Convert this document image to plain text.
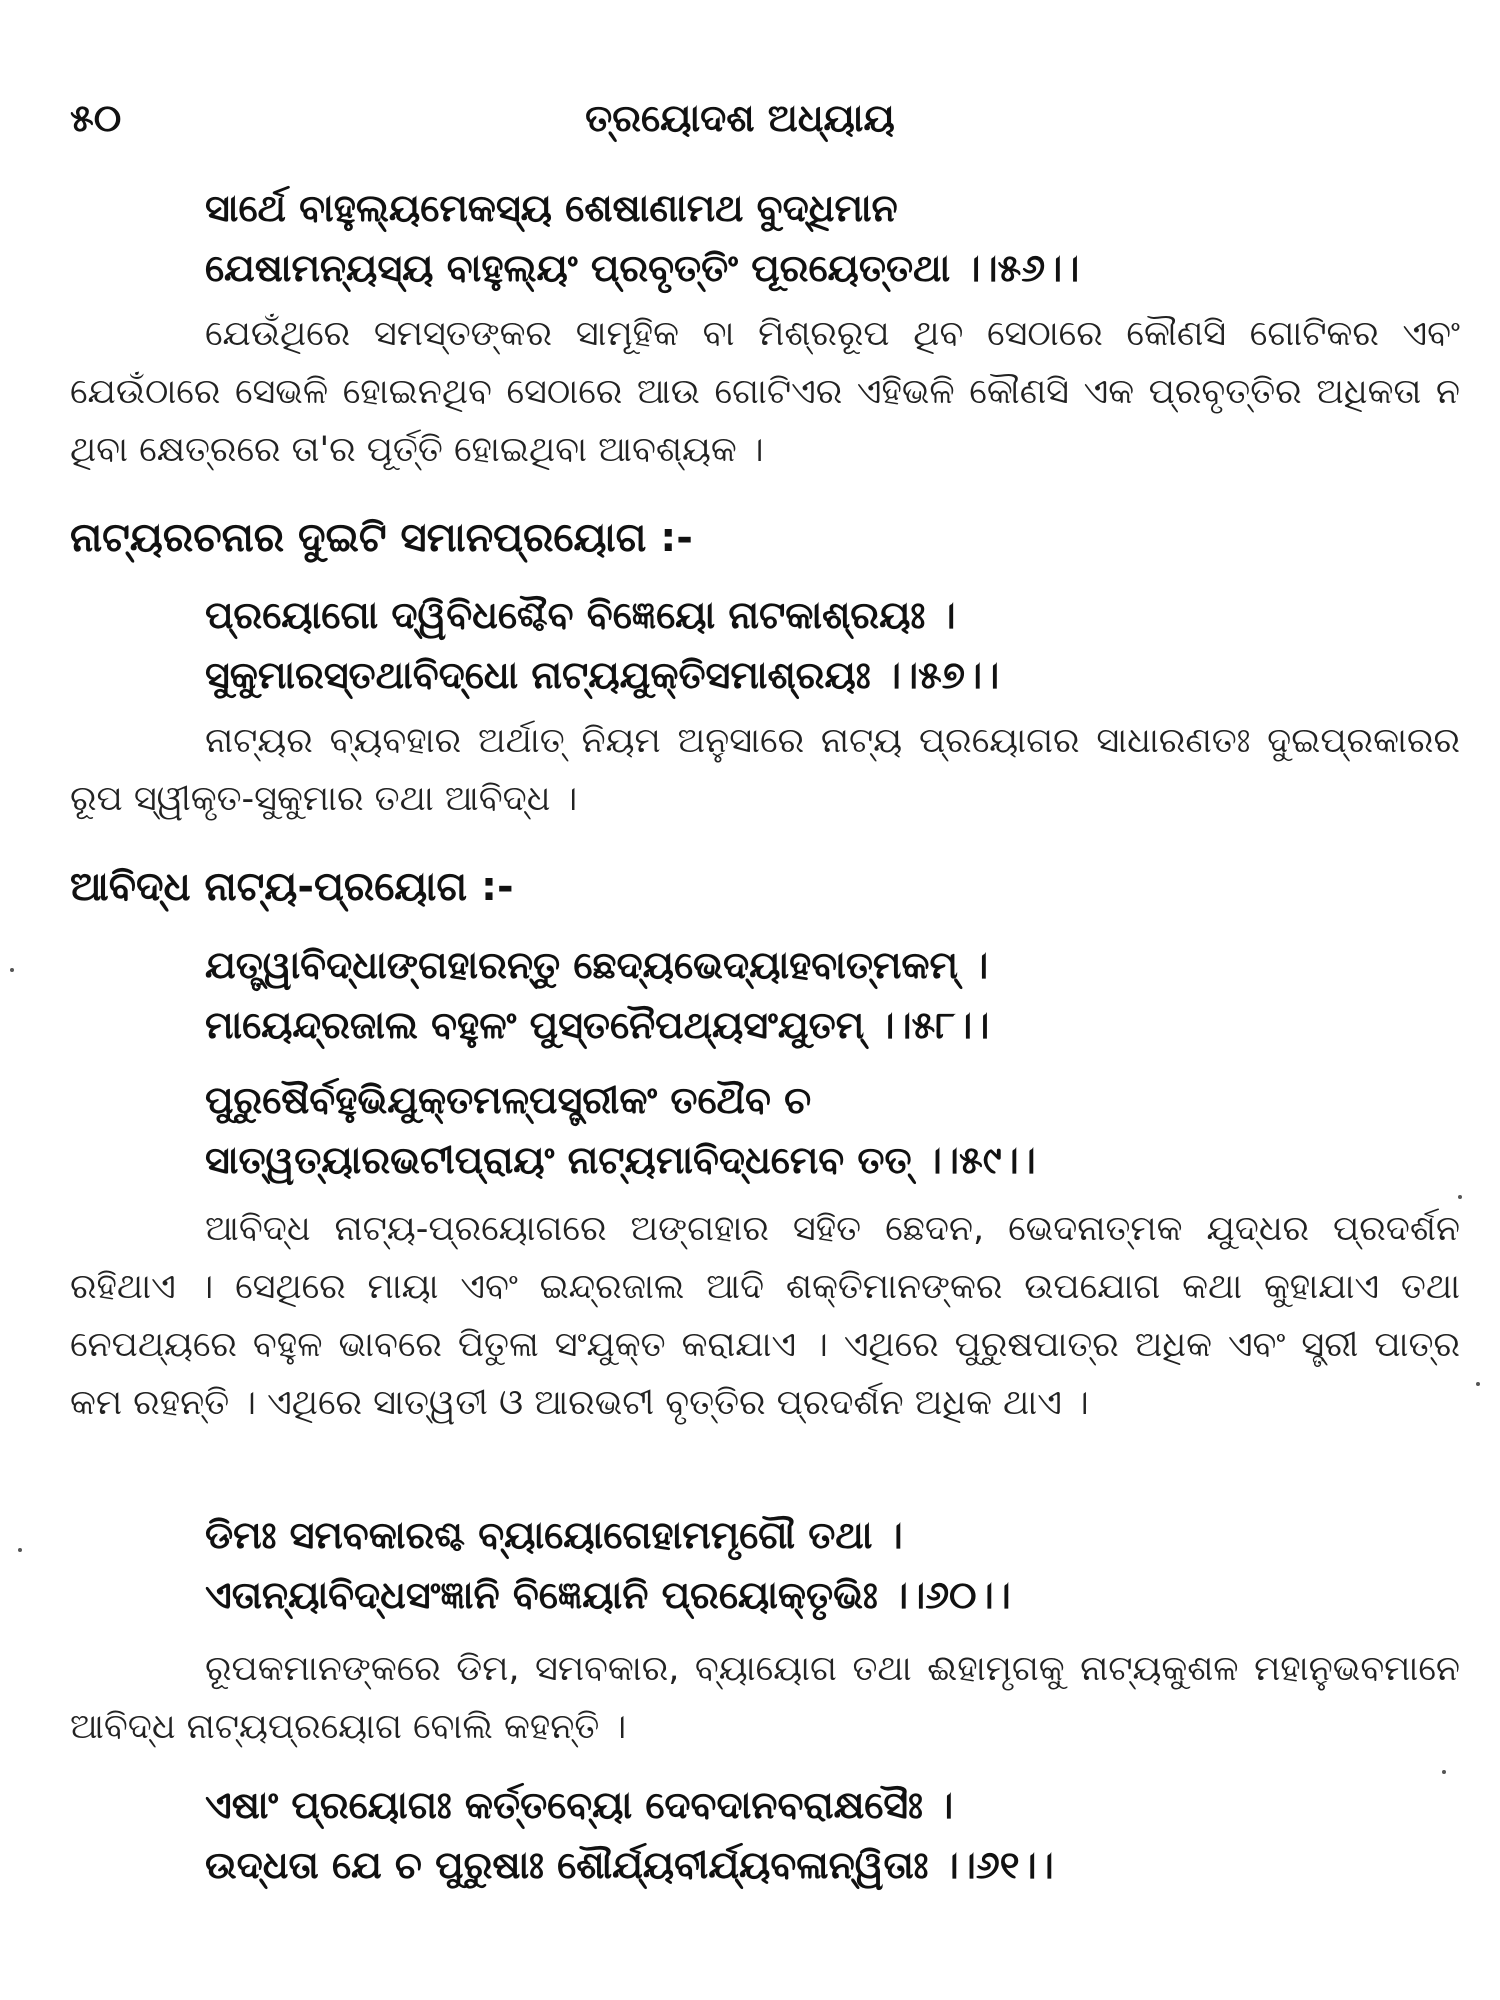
୫୦	ତ୍ରୟୋଦଶ ଅଧ୍ୟାୟ
ସାର୍ଥେ ବାହୁଲ୍ୟମେକସ୍ୟ ଶେଷାଣାମଥ ବୁଦ୍ଧିମାନ
ଯେଷାମନ୍ୟସ୍ୟ ବାହୁଲ୍ୟଂ ପ୍ରବୃତ୍ତିଂ ପୂରୟେତ୍ତଥା ।।୫୬।।
ଯେଉଁଥିରେ ସମସ୍ତଙ୍କର ସାମୂହିକ ବା ମିଶ୍ରରୂପ ଥିବ ସେଠାରେ କୌଣସି ଗୋଟିକର ଏବଂ ଯେଉଁଠାରେ ସେଭଳି ହୋଇନଥିବ ସେଠାରେ ଆଉ ଗୋଟିଏର ଏହିଭଳି କୌଣସି ଏକ ପ୍ରବୃତ୍ତିର ଅଧିକତା ନ ଥିବା କ୍ଷେତ୍ରରେ ତା'ର ପୂର୍ତ୍ତି ହୋଇଥିବା ଆବଶ୍ୟକ ।
ନାଟ୍ୟରଚନାର ଦୁଇଟି ସମାନପ୍ରୟୋଗ :-
ପ୍ରୟୋଗୋ ଦ୍ୱିବିଧଶ୍ଚୈବ ବିଜ୍ଞେୟୋ ନାଟକାଶ୍ରୟଃ ।
ସୁକୁମାରସ୍ତଥାବିଦ୍ଧୋ ନାଟ୍ୟଯୁକ୍ତିସମାଶ୍ରୟଃ ।।୫୭।।
ନାଟ୍ୟର ବ୍ୟବହାର ଅର୍ଥାତ୍ ନିୟମ ଅନୁସାରେ ନାଟ୍ୟ ପ୍ରୟୋଗର ସାଧାରଣତଃ ଦୁଇପ୍ରକାରର ରୂପ ସ୍ୱୀକୃତ-ସୁକୁମାର ତଥା ଆବିଦ୍ଧ ।
ଆବିଦ୍ଧ ନାଟ୍ୟ-ପ୍ରୟୋଗ :-
ଯତ୍ତ୍ୱାବିଦ୍ଧାଙ୍ଗହାରନ୍ତୁ ଛେଦ୍ୟଭେଦ୍ୟାହବାତ୍ମକମ୍ ।
ମାୟେନ୍ଦ୍ରଜାଲ ବହୁଳଂ ପୁସ୍ତନୈପଥ୍ୟସଂଯୁତମ୍ ।।୫୮।।
ପୁରୁଷୈର୍ବହୁଭିଯୁକ୍ତମଳ୍ପସ୍ତ୍ରୀକଂ ତଥୈବ ଚ
ସାତ୍ୱତ୍ୟାରଭଟୀପ୍ରାୟଂ ନାଟ୍ୟମାବିଦ୍ଧମେବ ତତ୍ ।।୫୯।।
ଆବିଦ୍ଧ ନାଟ୍ୟ-ପ୍ରୟୋଗରେ ଅଙ୍ଗହାର ସହିତ ଛେଦନ, ଭେଦନାତ୍ମକ ଯୁଦ୍ଧର ପ୍ରଦର୍ଶନ ରହିଥାଏ । ସେଥିରେ ମାୟା ଏବଂ ଇନ୍ଦ୍ରଜାଲ ଆଦି ଶକ୍ତିମାନଙ୍କର ଉପଯୋଗ କଥା କୁହାଯାଏ ତଥା ନେପଥ୍ୟରେ ବହୁଳ ଭାବରେ ପିତୁଳା ସଂଯୁକ୍ତ କରାଯାଏ । ଏଥିରେ ପୁରୁଷପାତ୍ର ଅଧିକ ଏବଂ ସ୍ତ୍ରୀ ପାତ୍ର କମ ରହନ୍ତି । ଏଥିରେ ସାତ୍ୱତୀ ଓ ଆରଭଟୀ ବୃତ୍ତିର ପ୍ରଦର୍ଶନ ଅଧିକ ଥାଏ ।
ଡିମଃ ସମବକାରଶ୍ଚ ବ୍ୟାୟୋଗେହାମମୃଗୌ ତଥା ।
ଏତାନ୍ୟାବିଦ୍ଧସଂଜ୍ଞାନି ବିଜ୍ଞେୟାନି ପ୍ରୟୋକ୍ତୃଭିଃ ।।୬୦।।
ରୂପକମାନଙ୍କରେ ଡିମ, ସମବକାର, ବ୍ୟାୟୋଗ ତଥା ଈହାମୃଗକୁ ନାଟ୍ୟକୁଶଳ ମହାନୁଭବମାନେ ଆବିଦ୍ଧ ନାଟ୍ୟପ୍ରୟୋଗ ବୋଲି କହନ୍ତି ।
ଏଷାଂ ପ୍ରୟୋଗଃ କର୍ତ୍ତବ୍ୟୋ ଦେବଦାନବରାକ୍ଷସୈଃ ।
ଉଦ୍ଧତା ଯେ ଚ ପୁରୁଷାଃ ଶୌର୍ଯ୍ୟବୀର୍ଯ୍ୟବଳାନ୍ୱିତାଃ ।।୬୧।।
